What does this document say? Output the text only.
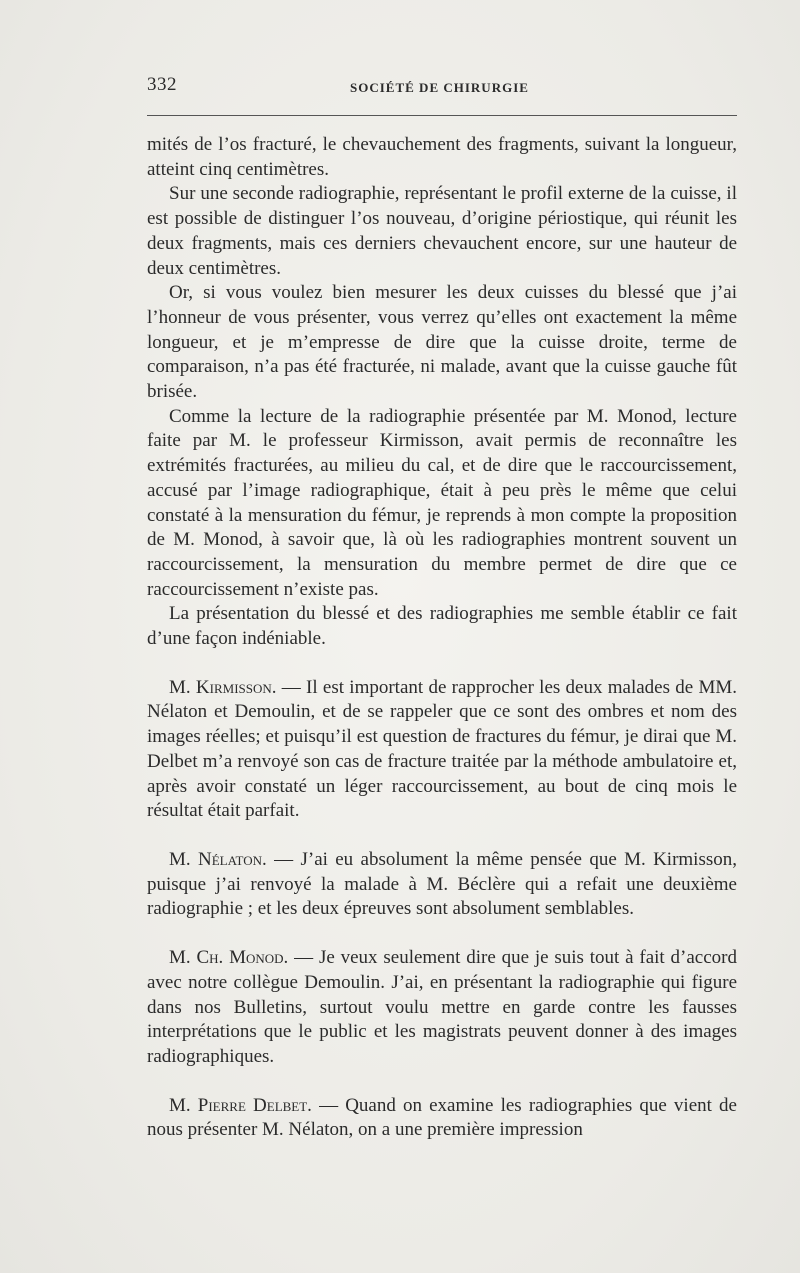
332	SOCIÉTÉ DE CHIRURGIE

mités de l’os fracturé, le chevauchement des fragments, suivant la longueur, atteint cinq centimètres.

Sur une seconde radiographie, représentant le profil externe de la cuisse, il est possible de distinguer l’os nouveau, d’origine périostique, qui réunit les deux fragments, mais ces derniers chevauchent encore, sur une hauteur de deux centimètres.

Or, si vous voulez bien mesurer les deux cuisses du blessé que j’ai l’honneur de vous présenter, vous verrez qu’elles ont exactement la même longueur, et je m’empresse de dire que la cuisse droite, terme de comparaison, n’a pas été fracturée, ni malade, avant que la cuisse gauche fût brisée.

Comme la lecture de la radiographie présentée par M. Monod, lecture faite par M. le professeur Kirmisson, avait permis de reconnaître les extrémités fracturées, au milieu du cal, et de dire que le raccourcissement, accusé par l’image radiographique, était à peu près le même que celui constaté à la mensuration du fémur, je reprends à mon compte la proposition de M. Monod, à savoir que, là où les radiographies montrent souvent un raccourcissement, la mensuration du membre permet de dire que ce raccourcissement n’existe pas.

La présentation du blessé et des radiographies me semble établir ce fait d’une façon indéniable.

M. Kirmisson. — Il est important de rapprocher les deux malades de MM. Nélaton et Demoulin, et de se rappeler que ce sont des ombres et nom des images réelles; et puisqu’il est question de fractures du fémur, je dirai que M. Delbet m’a renvoyé son cas de fracture traitée par la méthode ambulatoire et, après avoir constaté un léger raccourcissement, au bout de cinq mois le résultat était parfait.

M. Nélaton. — J’ai eu absolument la même pensée que M. Kirmisson, puisque j’ai renvoyé la malade à M. Béclère qui a refait une deuxième radiographie ; et les deux épreuves sont absolument semblables.

M. Ch. Monod. — Je veux seulement dire que je suis tout à fait d’accord avec notre collègue Demoulin. J’ai, en présentant la radiographie qui figure dans nos Bulletins, surtout voulu mettre en garde contre les fausses interprétations que le public et les magistrats peuvent donner à des images radiographiques.

M. Pierre Delbet. — Quand on examine les radiographies que vient de nous présenter M. Nélaton, on a une première impression
